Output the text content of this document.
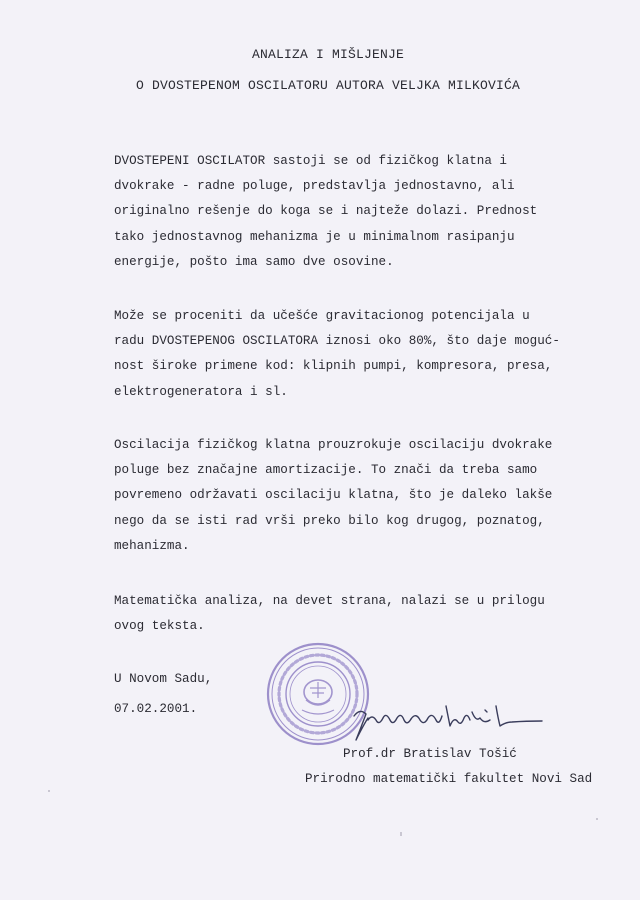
ANALIZA I MIŠLJENJE
O DVOSTEPENOM OSCILATORU AUTORA VELJKA MILKOVIĆA
DVOSTEPENI OSCILATOR sastoji se od fizičkog klatna i
dvokrake - radne poluge, predstavlja jednostavno, ali
originalno rešenje do koga se i najteže dolazi. Prednost
tako jednostavnog mehanizma je u minimalnom rasipanju
energije, pošto ima samo dve osovine.
Može se proceniti da učešće gravitacionog potencijala u
radu DVOSTEPENOG OSCILATORA iznosi oko 80%, što daje moguć-
nost široke primene kod: klipnih pumpi, kompresora, presa,
elektrogeneratora i sl.
Oscilacija fizičkog klatna prouzrokuje oscilaciju dvokrake
poluge bez značajne amortizacije. To znači da treba samo
povremeno održavati oscilaciju klatna, što je daleko lakše
nego da se isti rad vrši preko bilo kog drugog, poznatog,
mehanizma.
Matematička analiza, na devet strana, nalazi se u prilogu
ovog teksta.
U Novom Sadu,
07.02.2001.
Prof.dr Bratislav Tošić
Prirodno matematički fakultet Novi Sad
